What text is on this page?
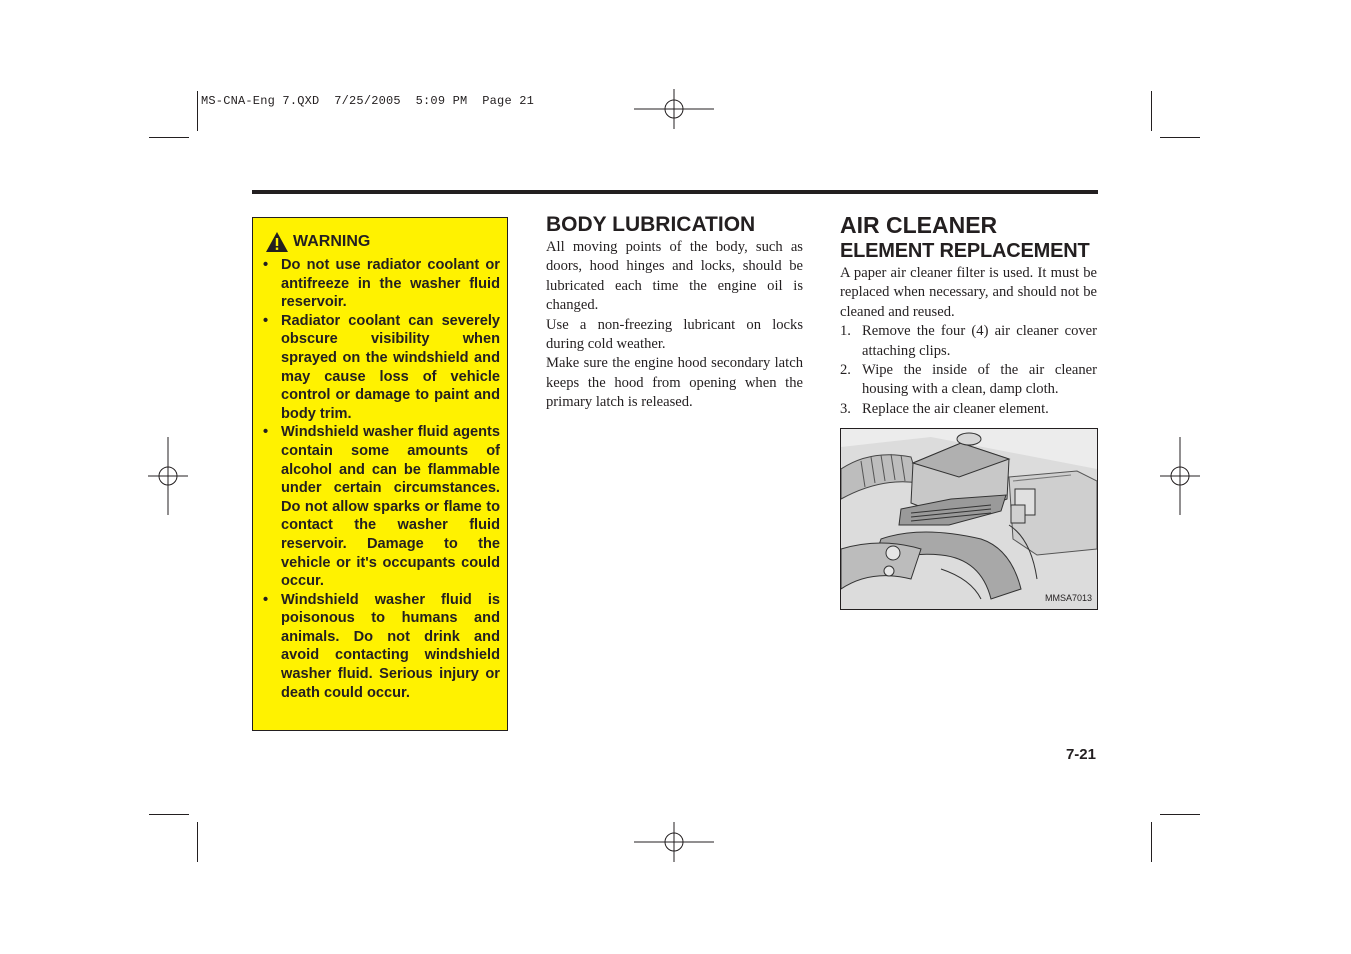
MS-CNA-Eng 7.QXD  7/25/2005  5:09 PM  Page 21
WARNING
• Do not use radiator coolant or antifreeze in the washer fluid reservoir.
• Radiator coolant can severely obscure visibility when sprayed on the windshield and may cause loss of vehicle control or damage to paint and body trim.
• Windshield washer fluid agents contain some amounts of alcohol and can be flammable under certain circumstances. Do not allow sparks or flame to contact the washer fluid reservoir. Damage to the vehicle or it's occupants could occur.
• Windshield washer fluid is poisonous to humans and animals. Do not drink and avoid contacting windshield washer fluid. Serious injury or death could occur.
BODY LUBRICATION

All moving points of the body, such as doors, hood hinges and locks, should be lubricated each time the engine oil is changed.

Use a non-freezing lubricant on locks during cold weather.

Make sure the engine hood secondary latch keeps the hood from opening when the primary latch is released.

AIR CLEANER
ELEMENT REPLACEMENT

A paper air cleaner filter is used. It must be replaced when necessary, and should not be cleaned and reused.

1. Remove the four (4) air cleaner cover attaching clips.
2. Wipe the inside of the air cleaner housing with a clean, damp cloth.
3. Replace the air cleaner element.
MMSA7013
7-21
